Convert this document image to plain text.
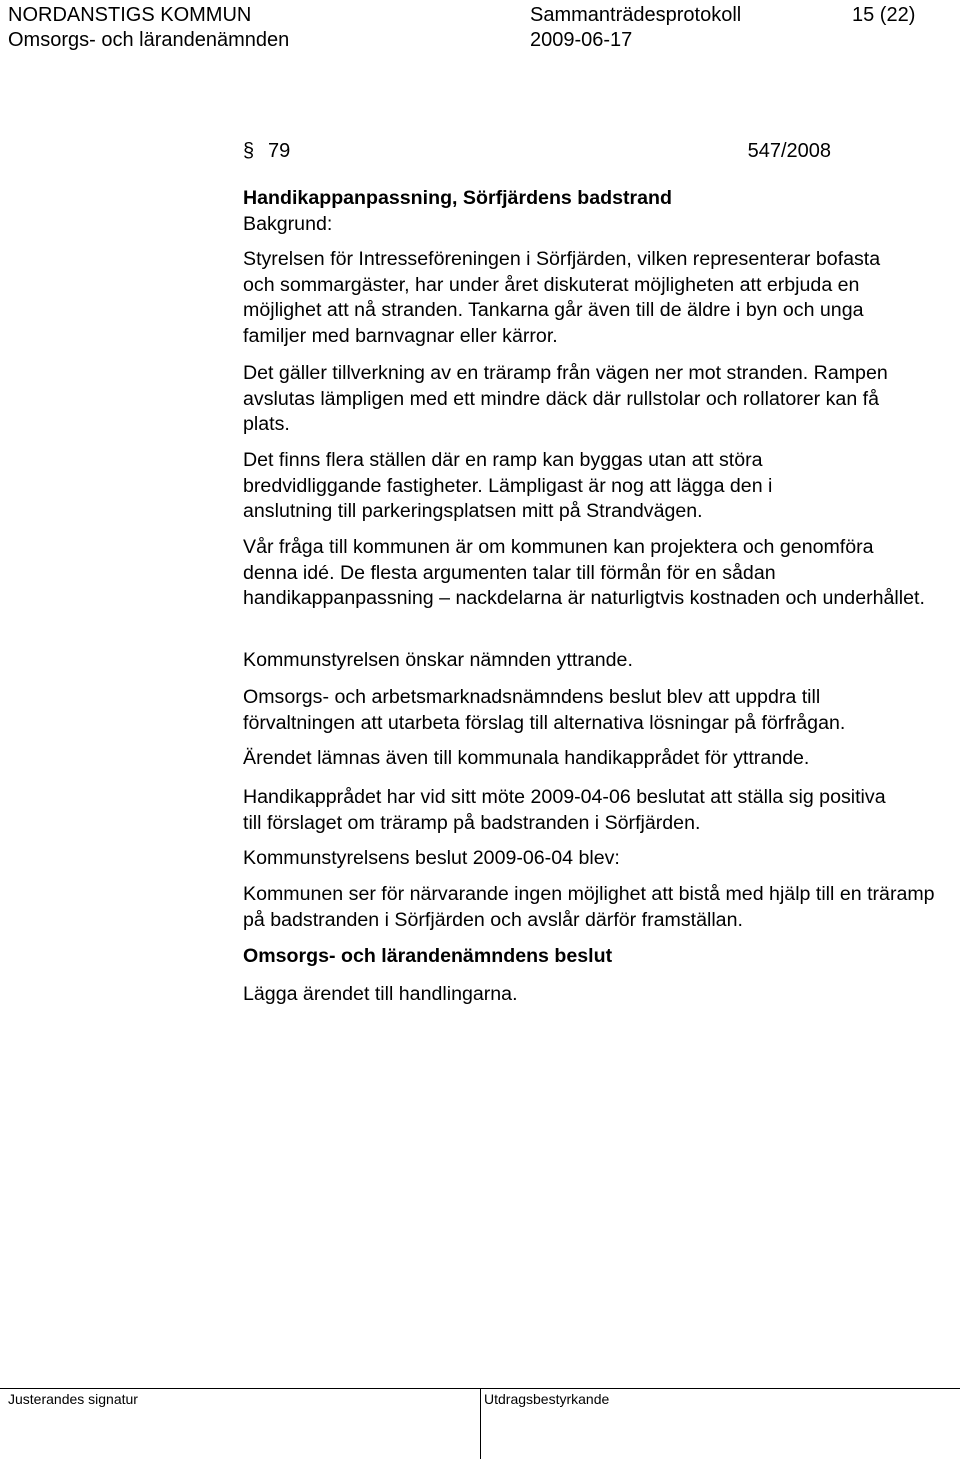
NORDANSTIGS KOMMUN	Sammanträdesprotokoll	15 (22)
Omsorgs- och lärandenämnden	2009-06-17
§ 79	547/2008

Handikappanpassning, Sörfjärdens badstrand

Bakgrund:

Styrelsen för Intresseföreningen i Sörfjärden, vilken representerar bofasta och sommargäster, har under året diskuterat möjligheten att erbjuda en möjlighet att nå stranden. Tankarna går även till de äldre i byn och unga familjer med barnvagnar eller kärror.

Det gäller tillverkning av en träramp från vägen ner mot stranden. Rampen avslutas lämpligen med ett mindre däck där rullstolar och rollatorer kan få plats.

Det finns flera ställen där en ramp kan byggas utan att störa bredvidliggande fastigheter. Lämpligast är nog att lägga den i anslutning till parkeringsplatsen mitt på Strandvägen.

Vår fråga till kommunen är om kommunen kan projektera och genomföra denna idé. De flesta argumenten talar till förmån för en sådan handikappanpassning – nackdelarna är naturligtvis kostnaden och underhållet.

Kommunstyrelsen önskar nämnden yttrande.

Omsorgs- och arbetsmarknadsnämndens beslut blev att uppdra till förvaltningen att utarbeta förslag till alternativa lösningar på förfrågan.

Ärendet lämnas även till kommunala handikapprådet för yttrande.

Handikapprådet har vid sitt möte 2009-04-06 beslutat att ställa sig positiva till förslaget om träramp på badstranden i Sörfjärden.

Kommunstyrelsens beslut 2009-06-04 blev:

Kommunen ser för närvarande ingen möjlighet att bistå med hjälp till en träramp på badstranden i Sörfjärden och avslår därför framställan.

Omsorgs- och lärandenämndens beslut

Lägga ärendet till handlingarna.

Justerandes signatur	Utdragsbestyrkande
